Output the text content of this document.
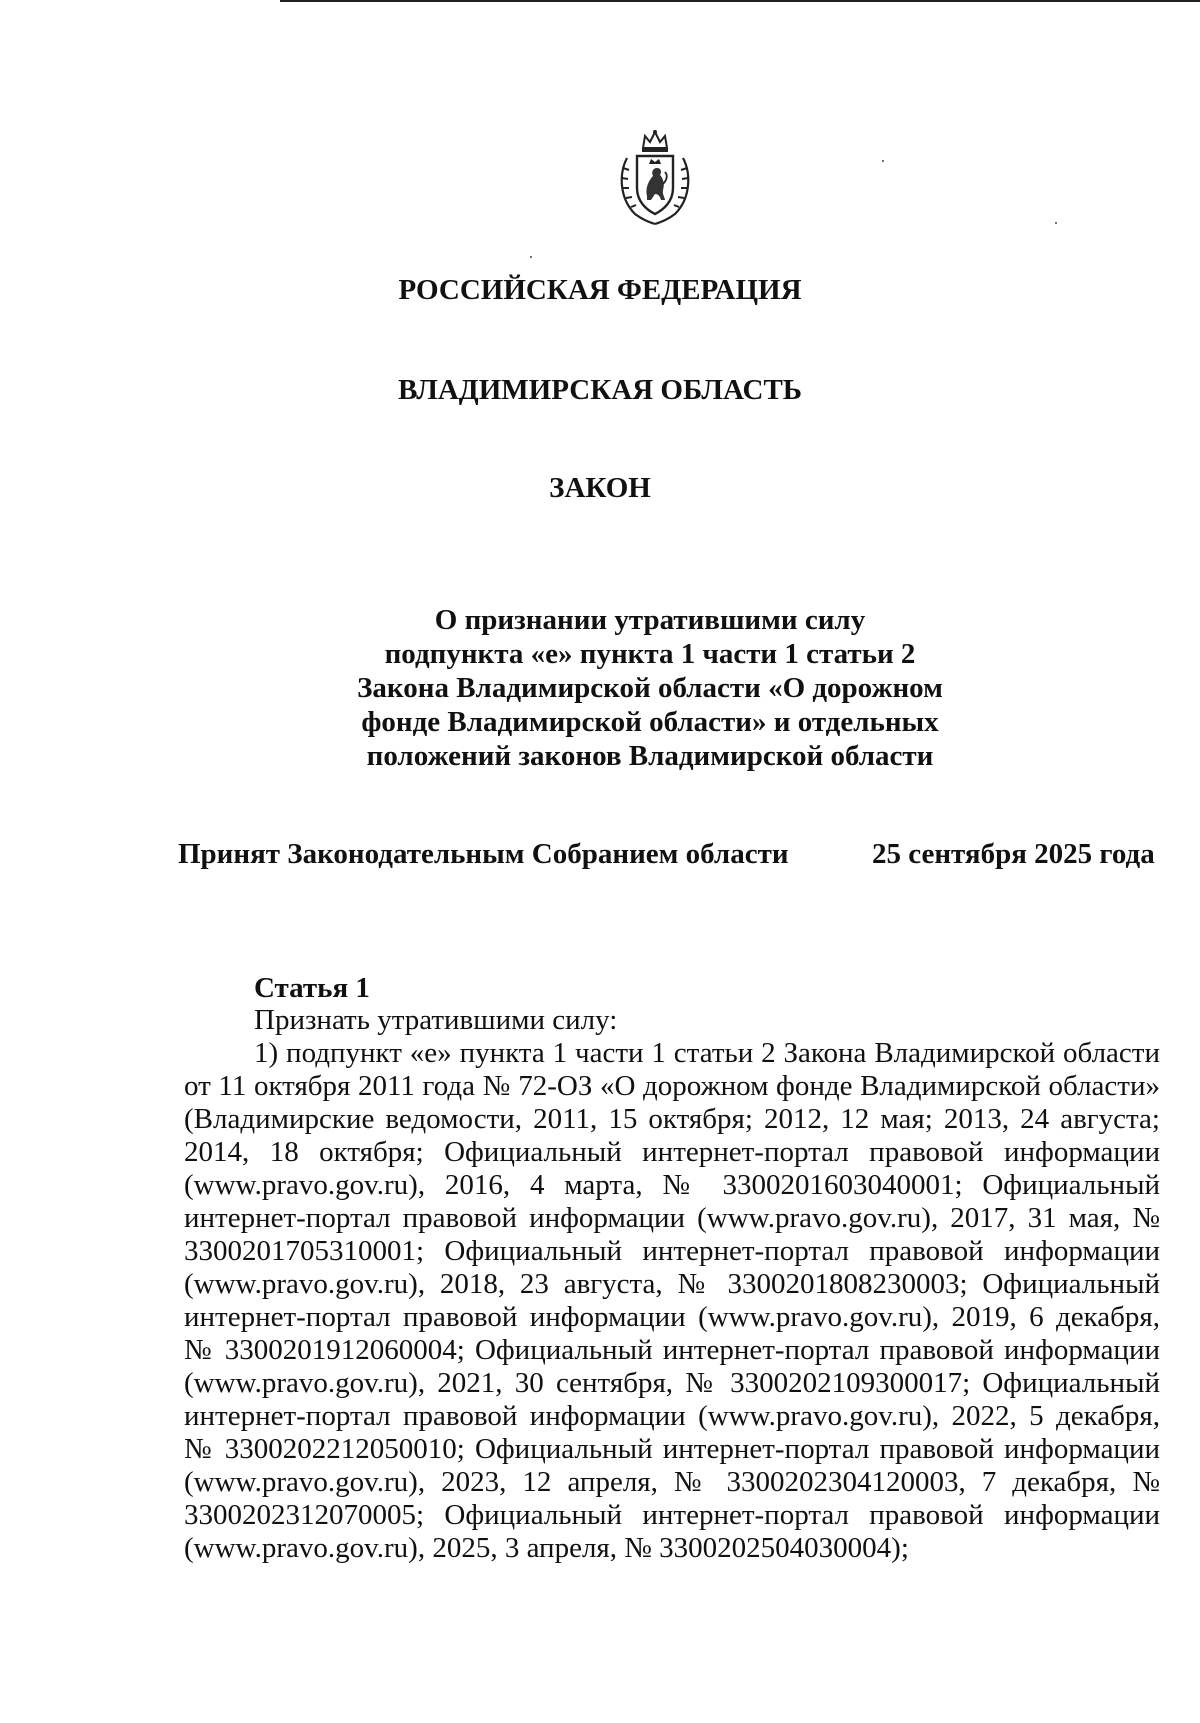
РОССИЙСКАЯ ФЕДЕРАЦИЯ
ВЛАДИМИРСКАЯ ОБЛАСТЬ
ЗАКОН
О признании утратившими силу
подпункта «е» пункта 1 части 1 статьи 2
Закона Владимирской области «О дорожном
фонде Владимирской области» и отдельных
положений законов Владимирской области
Принят Законодательным Собранием области	25 сентября 2025 года
Статья 1

Признать утратившими силу:

1) подпункт «е» пункта 1 части 1 статьи 2 Закона Владимирской области от 11 октября 2011 года № 72-ОЗ «О дорожном фонде Владимирской области» (Владимирские ведомости, 2011, 15 октября; 2012, 12 мая; 2013, 24 августа; 2014, 18 октября; Официальный интернет-портал правовой информации (www.pravo.gov.ru), 2016, 4 марта, № 3300201603040001; Официальный интернет-портал правовой информации (www.pravo.gov.ru), 2017, 31 мая, № 3300201705310001; Официальный интернет-портал правовой информации (www.pravo.gov.ru), 2018, 23 августа, № 3300201808230003; Официальный интернет-портал правовой информации (www.pravo.gov.ru), 2019, 6 декабря, № 3300201912060004; Официальный интернет-портал правовой информации (www.pravo.gov.ru), 2021, 30 сентября, № 3300202109300017; Официальный интернет-портал правовой информации (www.pravo.gov.ru), 2022, 5 декабря, № 3300202212050010; Официальный интернет-портал правовой информации (www.pravo.gov.ru), 2023, 12 апреля, № 3300202304120003, 7 декабря, № 3300202312070005; Официальный интернет-портал правовой информации (www.pravo.gov.ru), 2025, 3 апреля, № 3300202504030004);
